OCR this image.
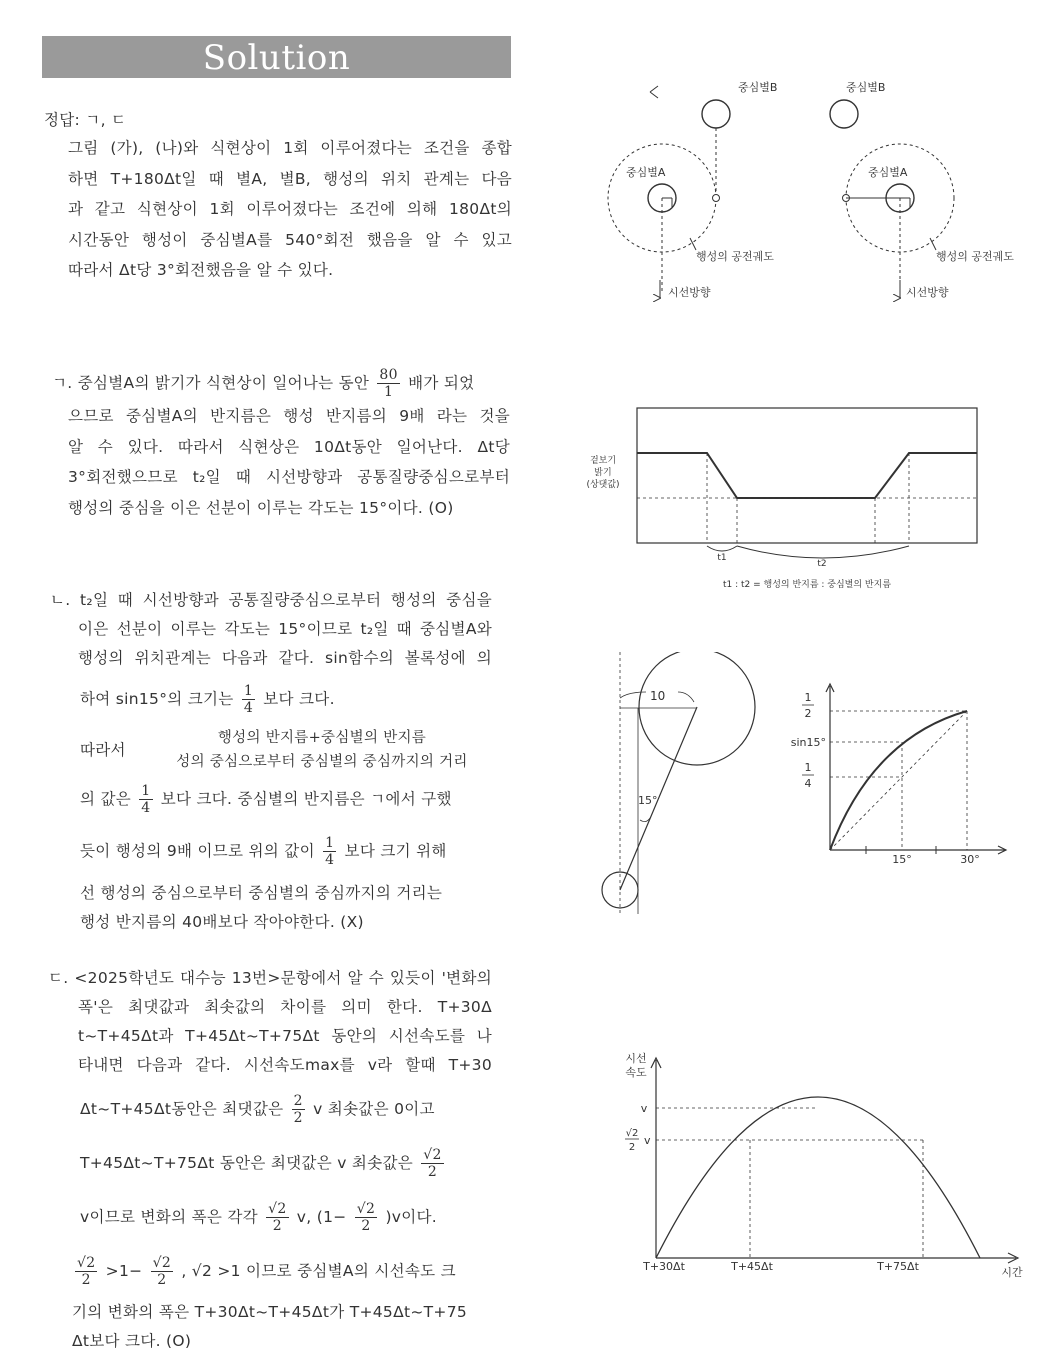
Solution
정답: ㄱ, ㄷ

그림 (가), (나)와 식현상이 1회 이루어졌다는 조건을 종합

하면 T+180Δt일 때 별A, 별B, 행성의 위치 관계는 다음

과 같고 식현상이 1회 이루어졌다는 조건에 의해 180Δt의

시간동안 행성이 중심별A를 540°회전 했음을 알 수 있고

따라서 Δt당 3°회전했음을 알 수 있다.

ㄱ. 중심별A의 밝기가 식현상이 일어나는 동안 $\frac{80}{1}$ 배가 되었

으므로 중심별A의 반지름은 행성 반지름의 9배 라는 것을

알 수 있다. 따라서 식현상은 10Δt동안 일어난다. Δt당

3°회전했으므로 t₂일 때 시선방향과 공통질량중심으로부터

행성의 중심을 이은 선분이 이루는 각도는 15°이다. (O)

ㄴ. t₂일 때 시선방향과 공통질량중심으로부터 행성의 중심을

이은 선분이 이루는 각도는 15°이므로 t₂일 때 중심별A와

행성의 위치관계는 다음과 같다. sin함수의 볼록성에 의

하여 sin15°의 크기는 $\frac{1}{4}$ 보다 크다.
따라서
행성의 반지름+중심별의 반지름
성의 중심으로부터 중심별의 중심까지의 거리
의 값은 $\frac{1}{4}$ 보다 크다. 중심별의 반지름은 ㄱ에서 구했
듯이 행성의 9배 이므로 위의 값이 $\frac{1}{4}$ 보다 크기 위해
선 행성의 중심으로부터 중심별의 중심까지의 거리는
행성 반지름의 40배보다 작아야한다. (X)

ㄷ. <2025학년도 대수능 13번>문항에서 알 수 있듯이 '변화의

폭'은 최댓값과 최솟값의 차이를 의미 한다. T+30Δ

t~T+45Δt과 T+45Δt~T+75Δt 동안의 시선속도를 나

타내면 다음과 같다. 시선속도max를 v라 할때 T+30

Δt~T+45Δt동안은 최댓값은 $\frac{2}{2}$ v 최솟값은 0이고
T+45Δt~T+75Δt 동안은 최댓값은 v 최솟값은 $\frac{√2}{2}$
v이므로 변화의 폭은 각각 $\frac{√2}{2} v$, $(1- \frac{√2}{2} )v$이다.
$\frac{√2}{2} >1- \frac{√2}{2}$ , √2 >1 이므로 중심별A의 시선속도 크
기의 변화의 폭은 T+30Δt~T+45Δt가 T+45Δt~T+75
Δt보다 크다. (O)
중심별B
중심별A
행성의 공전궤도
시선방향
중심별B
중심별A
행성의 공전궤도
시선방향
겉보기
밝기
(상댓값)
t1
t2
t1 : t2 = 행성의 반지름 : 중심별의 반지름
10
15°
1
2
sin15°
1
4
15°	30°
시선
속도
v
√2
2
v
T+30Δt	T+45Δt	T+75Δt	시간
